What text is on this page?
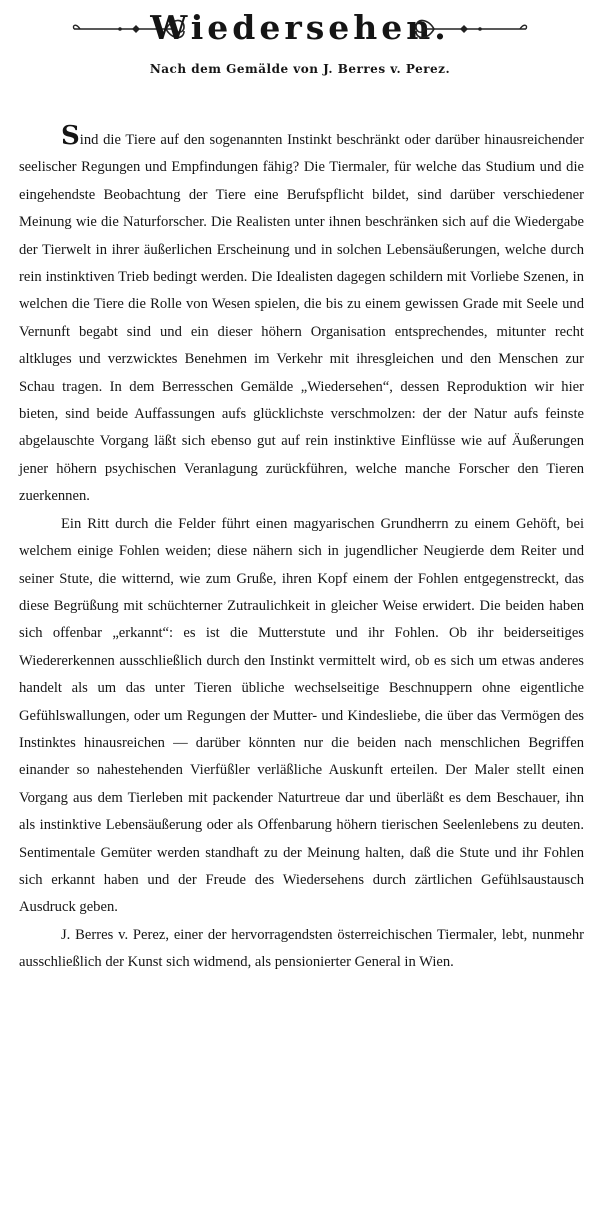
Wiedersehen.

Nach dem Gemälde von J. Berres v. Perez.

Sind die Tiere auf den sogenannten Instinkt beschränkt oder darüber hinausreichender seelischer Regungen und Empfindungen fähig? Die Tiermaler, für welche das Studium und die eingehendste Beobachtung der Tiere eine Berufspflicht bildet, sind darüber verschiedener Meinung wie die Naturforscher. Die Realisten unter ihnen beschränken sich auf die Wiedergabe der Tierwelt in ihrer äußerlichen Erscheinung und in solchen Lebensäußerungen, welche durch rein instinktiven Trieb bedingt werden. Die Idealisten dagegen schildern mit Vorliebe Szenen, in welchen die Tiere die Rolle von Wesen spielen, die bis zu einem gewissen Grade mit Seele und Vernunft begabt sind und ein dieser höhern Organisation entsprechendes, mitunter recht altkluges und verzwicktes Benehmen im Verkehr mit ihresgleichen und den Menschen zur Schau tragen. In dem Berresschen Gemälde „Wiedersehen“, dessen Reproduktion wir hier bieten, sind beide Auffassungen aufs glücklichste verschmolzen: der der Natur aufs feinste abgelauschte Vorgang läßt sich ebenso gut auf rein instinktive Einflüsse wie auf Äußerungen jener höhern psychischen Veranlagung zurückführen, welche manche Forscher den Tieren zuerkennen.

Ein Ritt durch die Felder führt einen magyarischen Grundherrn zu einem Gehöft, bei welchem einige Fohlen weiden; diese nähern sich in jugendlicher Neugierde dem Reiter und seiner Stute, die witternd, wie zum Gruße, ihren Kopf einem der Fohlen entgegenstreckt, das diese Begrüßung mit schüchterner Zutraulichkeit in gleicher Weise erwidert. Die beiden haben sich offenbar „erkannt“: es ist die Mutterstute und ihr Fohlen. Ob ihr beiderseitiges Wiedererkennen ausschließlich durch den Instinkt vermittelt wird, ob es sich um etwas anderes handelt als um das unter Tieren übliche wechselseitige Beschnuppern ohne eigentliche Gefühlswallungen, oder um Regungen der Mutter- und Kindesliebe, die über das Vermögen des Instinktes hinausreichen — darüber könnten nur die beiden nach menschlichen Begriffen einander so nahestehenden Vierfüßler verläßliche Auskunft erteilen. Der Maler stellt einen Vorgang aus dem Tierleben mit packender Naturtreue dar und überläßt es dem Beschauer, ihn als instinktive Lebensäußerung oder als Offenbarung höhern tierischen Seelenlebens zu deuten. Sentimentale Gemüter werden standhaft zu der Meinung halten, daß die Stute und ihr Fohlen sich erkannt haben und der Freude des Wiedersehens durch zärtlichen Gefühlsaustausch Ausdruck geben.

J. Berres v. Perez, einer der hervorragendsten österreichischen Tiermaler, lebt, nunmehr ausschließlich der Kunst sich widmend, als pensionierter General in Wien.
